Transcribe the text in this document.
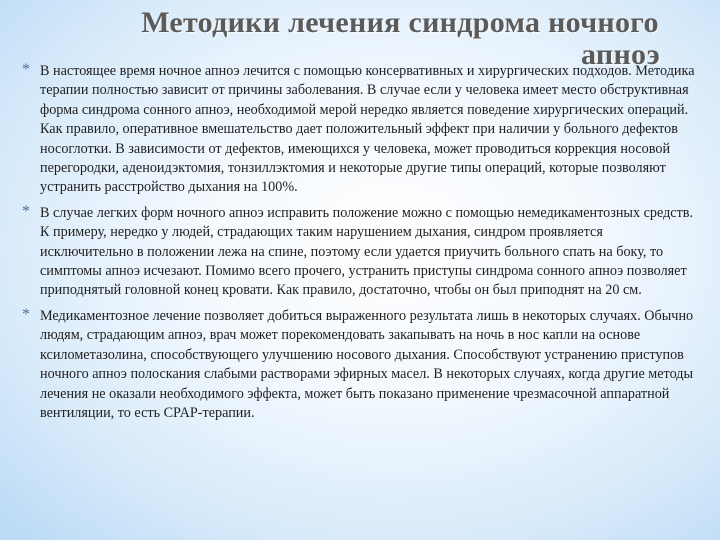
Методики лечения синдрома ночного
апноэ
* В настоящее время ночное апноэ лечится с помощью консервативных и хирургических подходов. Методика терапии полностью зависит от причины заболевания. В случае если у человека имеет место обструктивная форма синдрома сонного апноэ, необходимой мерой нередко является поведение хирургических операций. Как правило, оперативное вмешательство дает положительный эффект при наличии у больного дефектов носоглотки. В зависимости от дефектов, имеющихся у человека, может проводиться коррекция носовой перегородки, аденоидэктомия, тонзиллэктомия и некоторые другие типы операций, которые позволяют устранить расстройство дыхания на 100%.
* В случае легких форм ночного апноэ исправить положение можно с помощью немедикаментозных средств. К примеру, нередко у людей, страдающих таким нарушением дыхания, синдром проявляется исключительно в положении лежа на спине, поэтому если удается приучить больного спать на боку, то симптомы апноэ исчезают. Помимо всего прочего, устранить приступы синдрома сонного апноэ позволяет приподнятый головной конец кровати. Как правило, достаточно, чтобы он был приподнят на 20 см.
* Медикаментозное лечение позволяет добиться выраженного результата лишь в некоторых случаях. Обычно людям, страдающим апноэ, врач может порекомендовать закапывать на ночь в нос капли на основе ксилометазолина, способствующего улучшению носового дыхания. Способствуют устранению приступов ночного апноэ полоскания слабыми растворами эфирных масел. В некоторых случаях, когда другие методы лечения не оказали необходимого эффекта, может быть показано применение чрезмасочной аппаратной вентиляции, то есть CPAP-терапии.
